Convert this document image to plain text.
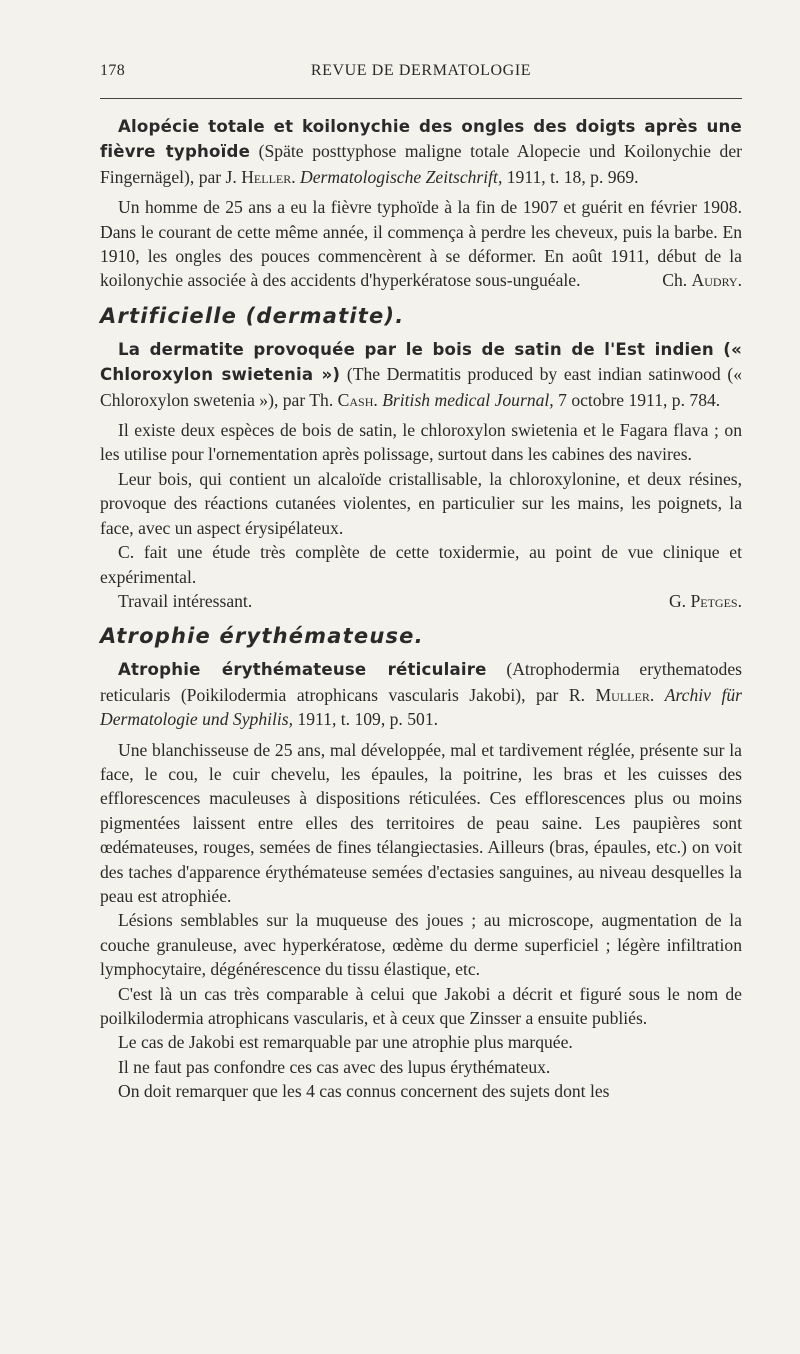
178	REVUE DE DERMATOLOGIE

Alopécie totale et koilonychie des ongles des doigts après une fièvre typhoïde (Späte posttyphose maligne totale Alopecie und Koilonychie der Fingernägel), par J. Heller. Dermatologische Zeitschrift, 1911, t. 18, p. 969.

Un homme de 25 ans a eu la fièvre typhoïde à la fin de 1907 et guérit en février 1908. Dans le courant de cette même année, il commença à perdre les cheveux, puis la barbe. En 1910, les ongles des pouces commencèrent à se déformer. En août 1911, début de la koilonychie associée à des accidents d'hyperkératose sous-unguéale.	Ch. Audry.

Artificielle (dermatite).

La dermatite provoquée par le bois de satin de l'Est indien (« Chloroxylon swietenia ») (The Dermatitis produced by east indian satinwood (« Chloroxylon swetenia »), par Th. Cash. British medical Journal, 7 octobre 1911, p. 784.

Il existe deux espèces de bois de satin, le chloroxylon swietenia et le Fagara flava ; on les utilise pour l'ornementation après polissage, surtout dans les cabines des navires.

Leur bois, qui contient un alcaloïde cristallisable, la chloroxylonine, et deux résines, provoque des réactions cutanées violentes, en particulier sur les mains, les poignets, la face, avec un aspect érysipélateux.

C. fait une étude très complète de cette toxidermie, au point de vue clinique et expérimental.

Travail intéressant.	G. Petges.
Atrophie érythémateuse.

Atrophie érythémateuse réticulaire (Atrophodermia erythematodes reticularis (Poikilodermia atrophicans vascularis Jakobi), par R. Muller. Archiv für Dermatologie und Syphilis, 1911, t. 109, p. 501.

Une blanchisseuse de 25 ans, mal développée, mal et tardivement réglée, présente sur la face, le cou, le cuir chevelu, les épaules, la poitrine, les bras et les cuisses des efflorescences maculeuses à dispositions réticulées. Ces efflorescences plus ou moins pigmentées laissent entre elles des territoires de peau saine. Les paupières sont œdémateuses, rouges, semées de fines télangiectasies. Ailleurs (bras, épaules, etc.) on voit des taches d'apparence érythémateuse semées d'ectasies sanguines, au niveau desquelles la peau est atrophiée.

Lésions semblables sur la muqueuse des joues ; au microscope, augmentation de la couche granuleuse, avec hyperkératose, œdème du derme superficiel ; légère infiltration lymphocytaire, dégénérescence du tissu élastique, etc.

C'est là un cas très comparable à celui que Jakobi a décrit et figuré sous le nom de poilkilodermia atrophicans vascularis, et à ceux que Zinsser a ensuite publiés.

Le cas de Jakobi est remarquable par une atrophie plus marquée.

Il ne faut pas confondre ces cas avec des lupus érythémateux.

On doit remarquer que les 4 cas connus concernent des sujets dont les
